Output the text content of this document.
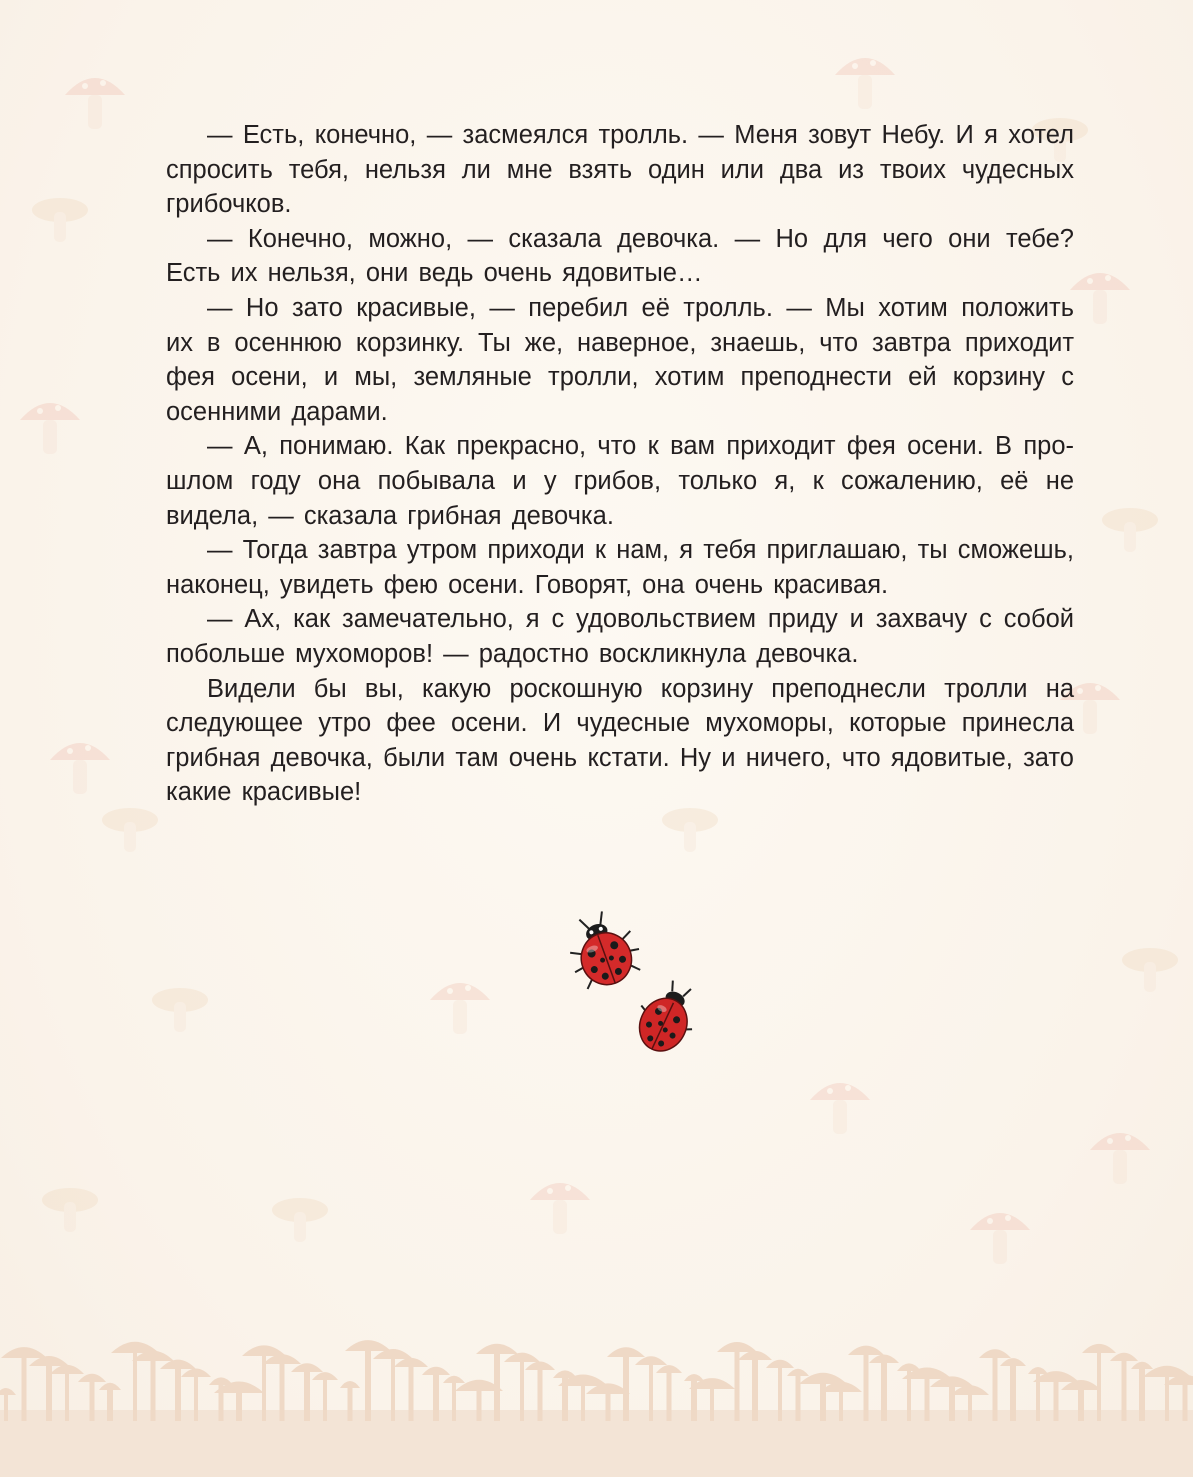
— Есть, конечно, — засмеялся тролль. — Меня зовут Небу. И я хотел спросить тебя, нельзя ли мне взять один или два из твоих чудесных грибочков.

— Конечно, можно, — сказала девочка. — Но для чего они тебе? Есть их нельзя, они ведь очень ядовитые…

— Но зато красивые, — перебил её тролль. — Мы хотим положить их в осеннюю корзинку. Ты же, наверное, знаешь, что завтра приходит фея осени, и мы, земляные тролли, хотим преподнести ей корзину с осенними дарами.

— А, понимаю. Как прекрасно, что к вам приходит фея осени. В прошлом году она побывала и у грибов, только я, к сожалению, её не видела, — сказала грибная девочка.

— Тогда завтра утром приходи к нам, я тебя приглашаю, ты сможешь, наконец, увидеть фею осени. Говорят, она очень красивая.

— Ах, как замечательно, я с удовольствием приду и захвачу с собой побольше мухоморов! — радостно воскликнула девочка.

Видели бы вы, какую роскошную корзину преподнесли тролли на следующее утро фее осени. И чудесные мухоморы, которые принесла грибная девочка, были там очень кстати. Ну и ничего, что ядовитые, зато какие красивые!
